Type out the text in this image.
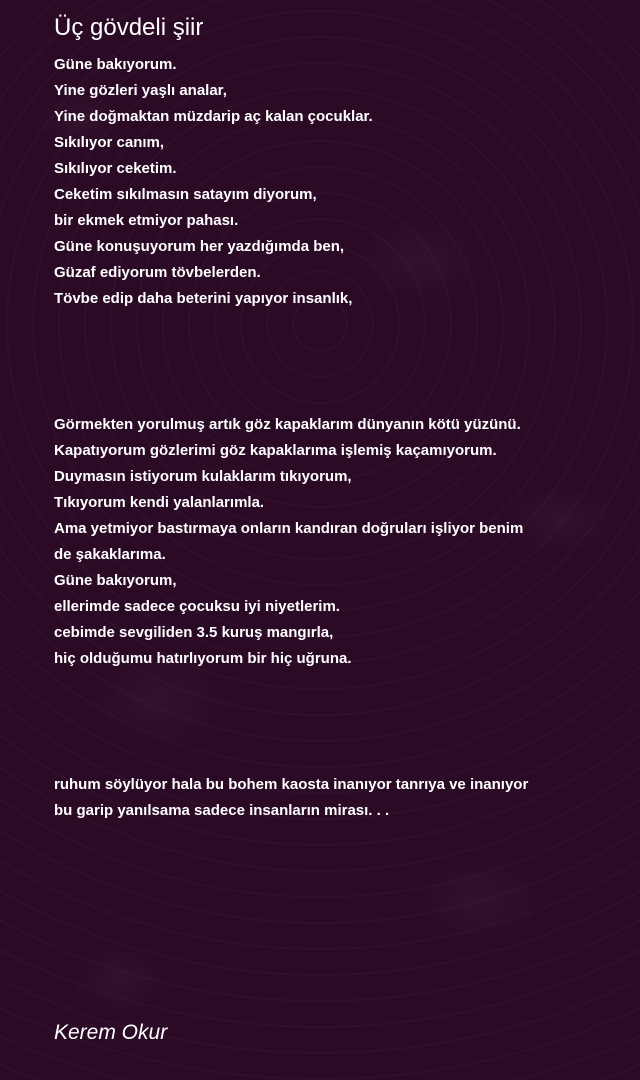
Üç gövdeli şiir
Güne bakıyorum.
Yine gözleri yaşlı analar,
Yine doğmaktan müzdarip aç kalan çocuklar.
Sıkılıyor canım,
Sıkılıyor ceketim.
Ceketim sıkılmasın satayım diyorum,
bir ekmek etmiyor pahası.
Güne konuşuyorum her yazdığımda ben,
Güzaf ediyorum tövbelerden.
Tövbe edip daha beterini yapıyor insanlık,
Görmekten yorulmuş artık göz kapaklarım dünyanın kötü yüzünü.
Kapatıyorum gözlerimi göz kapaklarıma işlemiş kaçamıyorum.
Duymasın istiyorum kulaklarım tıkıyorum,
Tıkıyorum kendi yalanlarımla.
Ama yetmiyor bastırmaya onların kandıran doğruları işliyor benim
de şakaklarıma.
Güne bakıyorum,
ellerimde sadece çocuksu iyi niyetlerim.
cebimde sevgiliden 3.5 kuruş mangırla,
hiç olduğumu hatırlıyorum bir hiç uğruna.
ruhum söylüyor hala bu bohem kaosta inanıyor tanrıya ve inanıyor
bu garip yanılsama sadece insanların mirası. . .
Kerem Okur
